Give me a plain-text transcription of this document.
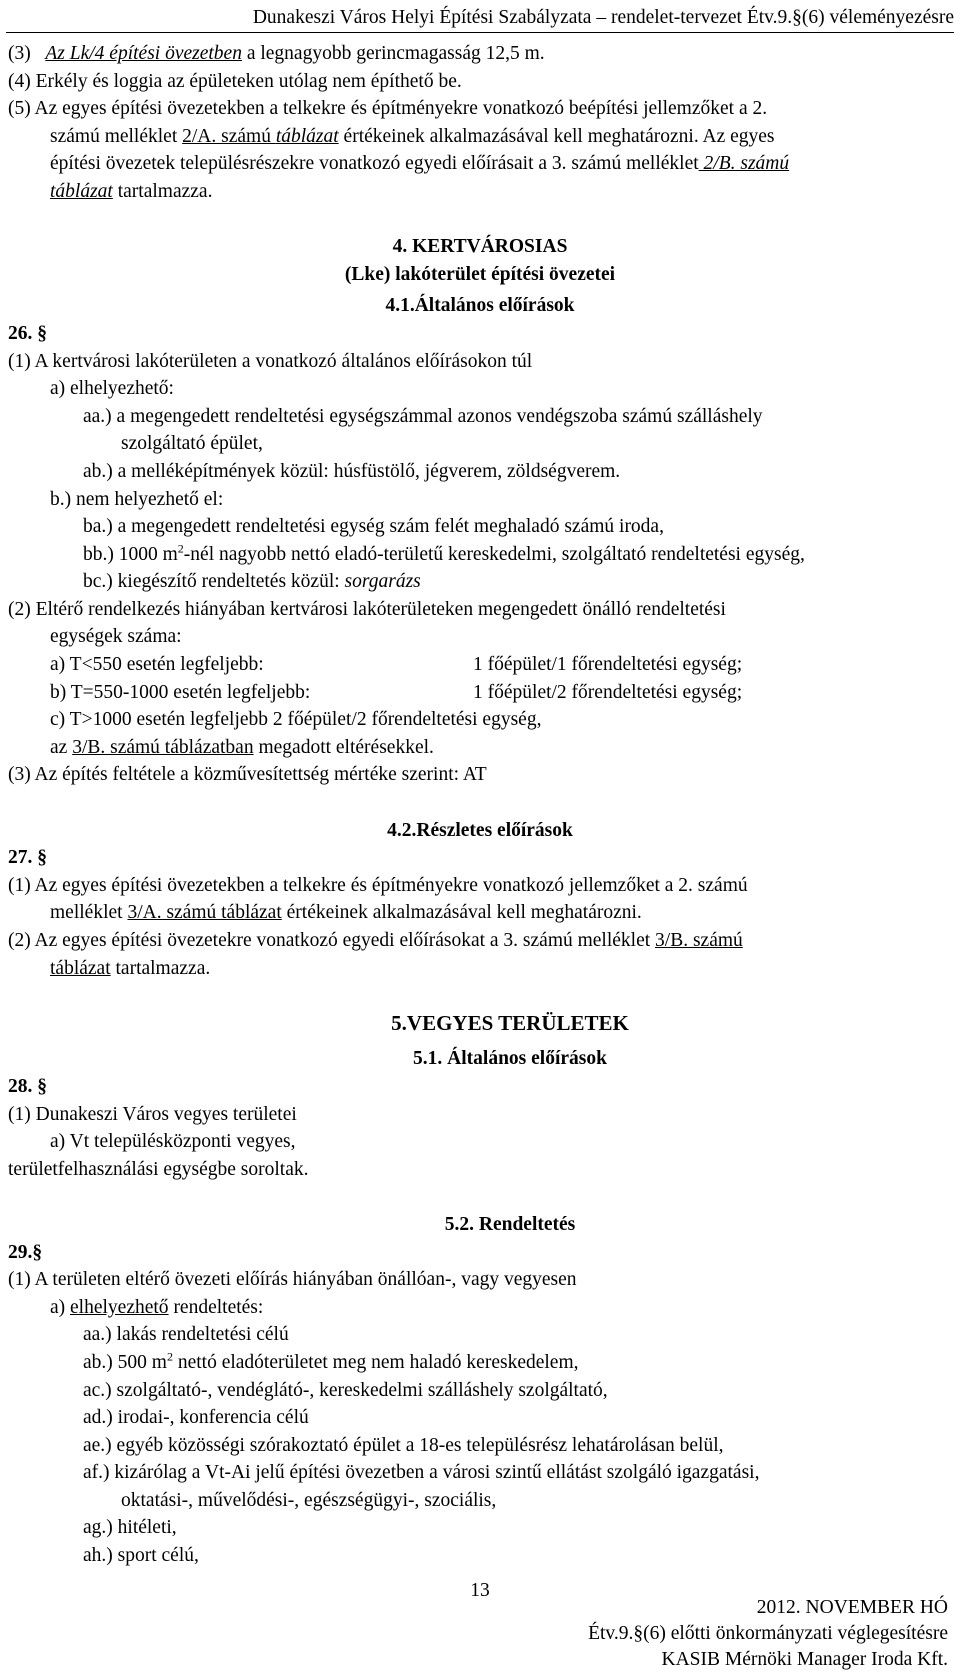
Dunakeszi Város Helyi Építési Szabályzata – rendelet-tervezet Étv.9.§(6) véleményezésre
(3) Az Lk/4 építési övezetben a legnagyobb gerincmagasság 12,5 m.
(4) Erkély és loggia az épületeken utólag nem építhető be.
(5) Az egyes építési övezetekben a telkekre és építményekre vonatkozó beépítési jellemzőket a 2.
számú melléklet 2/A. számú táblázat értékeinek alkalmazásával kell meghatározni. Az egyes
építési övezetek településrészekre vonatkozó egyedi előírásait a 3. számú melléklet 2/B. számú
táblázat tartalmazza.
4. KERTVÁROSIAS
(Lke) lakóterület építési övezetei
4.1.Általános előírások
26. §
(1) A kertvárosi lakóterületen a vonatkozó általános előírásokon túl
a) elhelyezhető:
aa.) a megengedett rendeltetési egységszámmal azonos vendégszoba számú szálláshely
szolgáltató épület,
ab.) a melléképítmények közül: húsfüstölő, jégverem, zöldségverem.
b.) nem helyezhető el:
ba.) a megengedett rendeltetési egység szám felét meghaladó számú iroda,
bb.) 1000 $m^2$-nél nagyobb nettó eladó-területű kereskedelmi, szolgáltató rendeltetési egység,
bc.) kiegészítő rendeltetés közül: sorgarázs
(2) Eltérő rendelkezés hiányában kertvárosi lakóterületeken megengedett önálló rendeltetési
egységek száma:
a) T<550 esetén legfeljebb:	1 főépület/1 főrendeltetési egység;
b) T=550-1000 esetén legfeljebb:	1 főépület/2 főrendeltetési egység;
c) T>1000 esetén legfeljebb 2 főépület/2 főrendeltetési egység,
az 3/B. számú táblázatban megadott eltérésekkel.
(3) Az építés feltétele a közművesítettség mértéke szerint: AT
4.2.Részletes előírások
27. §
(1) Az egyes építési övezetekben a telkekre és építményekre vonatkozó jellemzőket a 2. számú
melléklet 3/A. számú táblázat értékeinek alkalmazásával kell meghatározni.
(2) Az egyes építési övezetekre vonatkozó egyedi előírásokat a 3. számú melléklet 3/B. számú
táblázat tartalmazza.
5.VEGYES TERÜLETEK
5.1. Általános előírások
28. §
(1) Dunakeszi Város vegyes területei
a) Vt településközponti vegyes,
területfelhasználási egységbe soroltak.
5.2. Rendeltetés
29.§
(1) A területen eltérő övezeti előírás hiányában önállóan-, vagy vegyesen
a) elhelyezhető rendeltetés:
aa.) lakás rendeltetési célú
ab.) 500 $m^2$ nettó eladóterületet meg nem haladó kereskedelem,
ac.) szolgáltató-, vendéglátó-, kereskedelmi szálláshely szolgáltató,
ad.) irodai-, konferencia célú
ae.) egyéb közösségi szórakoztató épület a 18-es településrész lehatárolásan belül,
af.) kizárólag a Vt-Ai jelű építési övezetben a városi szintű ellátást szolgáló igazgatási,
oktatási-, művelődési-, egészségügyi-, szociális,
ag.) hitéleti,
ah.) sport célú,
13
2012. NOVEMBER HÓ
Étv.9.§(6) előtti önkormányzati véglegesítésre
KASIB Mérnöki Manager Iroda Kft.
